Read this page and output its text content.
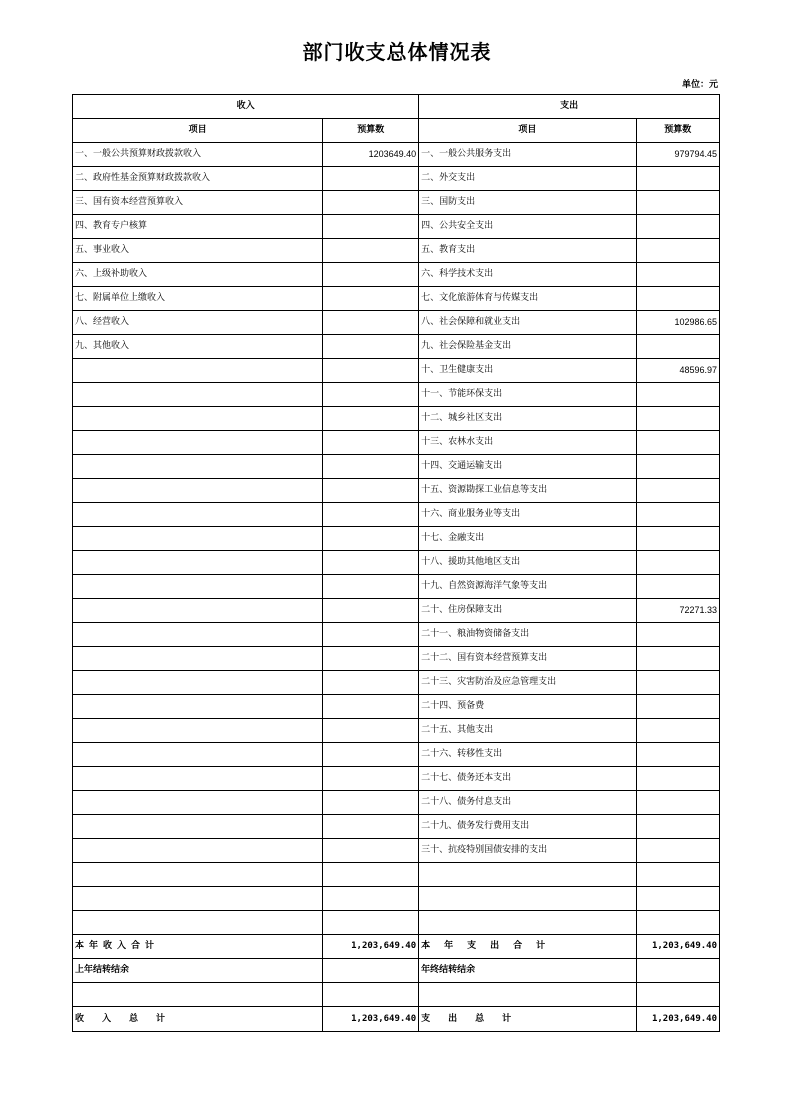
部门收支总体情况表
单位：元
收入		支出	
项目	预算数	项目	预算数
一、一般公共预算财政拨款收入	1203649.40	一、一般公共服务支出	979794.45
二、政府性基金预算财政拨款收入		二、外交支出	
三、国有资本经营预算收入		三、国防支出	
四、教育专户核算		四、公共安全支出	
五、事业收入		五、教育支出	
六、上级补助收入		六、科学技术支出	
七、附属单位上缴收入		七、文化旅游体育与传媒支出	
八、经营收入		八、社会保障和就业支出	102986.65
九、其他收入		九、社会保险基金支出	
		十、卫生健康支出	48596.97
		十一、节能环保支出	
		十二、城乡社区支出	
		十三、农林水支出	
		十四、交通运输支出	
		十五、资源勘探工业信息等支出	
		十六、商业服务业等支出	
		十七、金融支出	
		十八、援助其他地区支出	
		十九、自然资源海洋气象等支出	
		二十、住房保障支出	72271.33
		二十一、粮油物资储备支出	
		二十二、国有资本经营预算支出	
		二十三、灾害防治及应急管理支出	
		二十四、预备费	
		二十五、其他支出	
		二十六、转移性支出	
		二十七、债务还本支出	
		二十八、债务付息支出	
		二十九、债务发行费用支出	
		三十、抗疫特别国债安排的支出	

本年收入合计	1,203,649.40	本年支出合计	1,203,649.40
上年结转结余		年终结转结余	

收入总计	1,203,649.40	支出总计	1,203,649.40
